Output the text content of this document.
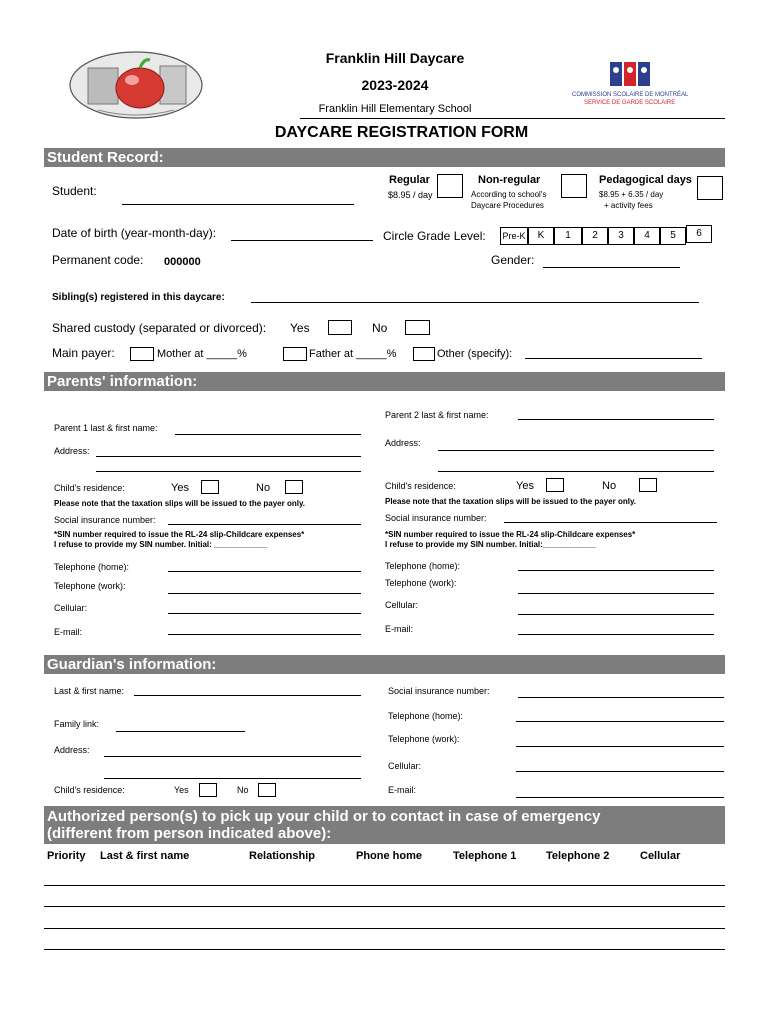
Franklin Hill Daycare
2023-2024
Franklin Hill Elementary School
COMMISSION SCOLAIRE DE MONTRÉAL
SERVICE DE GARDE SCOLAIRE
DAYCARE REGISTRATION FORM
Student Record:
Student:
Regular
$8.95 / day
Non-regular
According to school's
Daycare Procedures
Pedagogical days
$8.95 + 6.35 / day
+ activity fees
Date of birth (year-month-day):	Circle Grade Level: Pre-K	K	1	2	3	4	5	6
Permanent code: 000000	Gender:
Sibling(s) registered in this daycare:
Shared custody (separated or divorced): Yes	No
Main payer:	Mother at _____%	Father at _____%	Other (specify):
Parents' information:
Parent 2 last & first name:
Parent 1 last & first name:
Address:
Address:
Child's residence:	Yes	No	Child's residence:	Yes	No
Please note that the taxation slips will be issued to the payer only.	Please note that the taxation slips will be issued to the payer only.
Social insurance number:	Social insurance number:
*SIN number required to issue the RL-24 slip-Childcare expenses*
I refuse to provide my SIN number. Initial: ____________
*SIN number required to issue the RL-24 slip-Childcare expenses*
I refuse to provide my SIN number. Initial:____________
Telephone (home):	Telephone (home):
Telephone (work):	Telephone (work):
Cellular:	Cellular:
E-mail:	E-mail:
Guardian's information:
Last & first name:	Social insurance number:
Family link:
Telephone (home):
Telephone (work):
Address:
Cellular:
Child's residence:	Yes	No	E-mail:
Authorized person(s) to pick up your child or to contact in case of emergency
(different from person indicated above):
Priority Last & first name	Relationship	Phone home	Telephone 1	Telephone 2	Cellular
